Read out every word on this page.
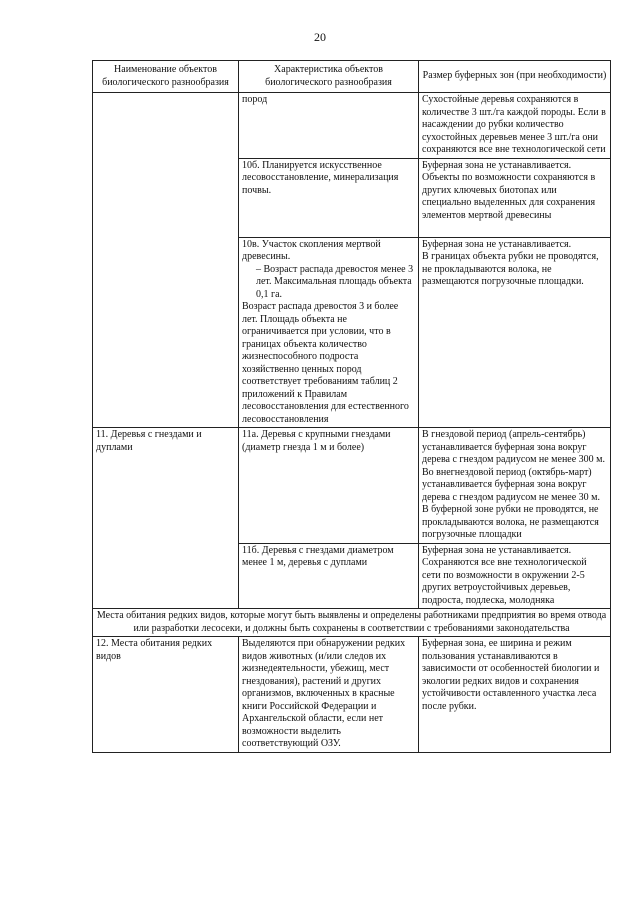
20
Наименование объектов биологического разнообразия	Характеристика объектов биологического разнообразия	Размер буферных зон (при необходимости)
	пород	Сухостойные деревья сохраняются в количестве 3 шт./га каждой породы. Если в насаждении до рубки количество сухостойных деревьев менее 3 шт./га они сохраняются все вне технологической сети
	10б. Планируется искусственное лесовосстановление, минерализация почвы.	Буферная зона не устанавливается. Объекты по возможности сохраняются в других ключевых биотопах или специально выделенных для сохранения элементов мертвой древесины

	10в. Участок скопления мертвой древесины.
– Возраст распада древостоя менее 3 лет. Максимальная площадь объекта 0,1 га.
Возраст распада древостоя 3 и более лет. Площадь объекта не ограничивается при условии, что в границах объекта количество жизнеспособного подроста хозяйственно ценных пород соответствует требованиям таблиц 2 приложений к Правилам лесовосстановления для естественного лесовосстановления	Буферная зона не устанавливается.
В границах объекта рубки не проводятся, не прокладываются волока, не размещаются погрузочные площадки.

11. Деревья с гнездами и дуплами	11а. Деревья с крупными гнездами (диаметр гнезда 1 м и более)	В гнездовой период (апрель-сентябрь) устанавливается буферная зона вокруг дерева с гнездом радиусом не менее 300 м.
Во внегнездовой период (октябрь-март) устанавливается буферная зона вокруг дерева с гнездом радиусом не менее 30 м.
В буферной зоне рубки не проводятся, не прокладываются волока, не размещаются погрузочные площадки

	11б. Деревья с гнездами диаметром менее 1 м, деревья с дуплами	Буферная зона не устанавливается.
Сохраняются все вне технологической сети по возможности в окружении 2-5 других ветроустойчивых деревьев, подроста, подлеска, молодняка

Места обитания редких видов, которые могут быть выявлены и определены работниками предприятия во время отвода или разработки лесосеки, и должны быть сохранены в соответствии с требованиями законодательства		
12. Места обитания редких видов	Выделяются при обнаружении редких видов животных (и/или следов их жизнедеятельности, убежищ, мест гнездования), растений и других организмов, включенных в красные книги Российской Федерации и Архангельской области, если нет возможности выделить соответствующий ОЗУ.	Буферная зона, ее ширина и режим пользования устанавливаются в зависимости от особенностей биологии и экологии редких видов и сохранения устойчивости оставленного участка леса после рубки.
